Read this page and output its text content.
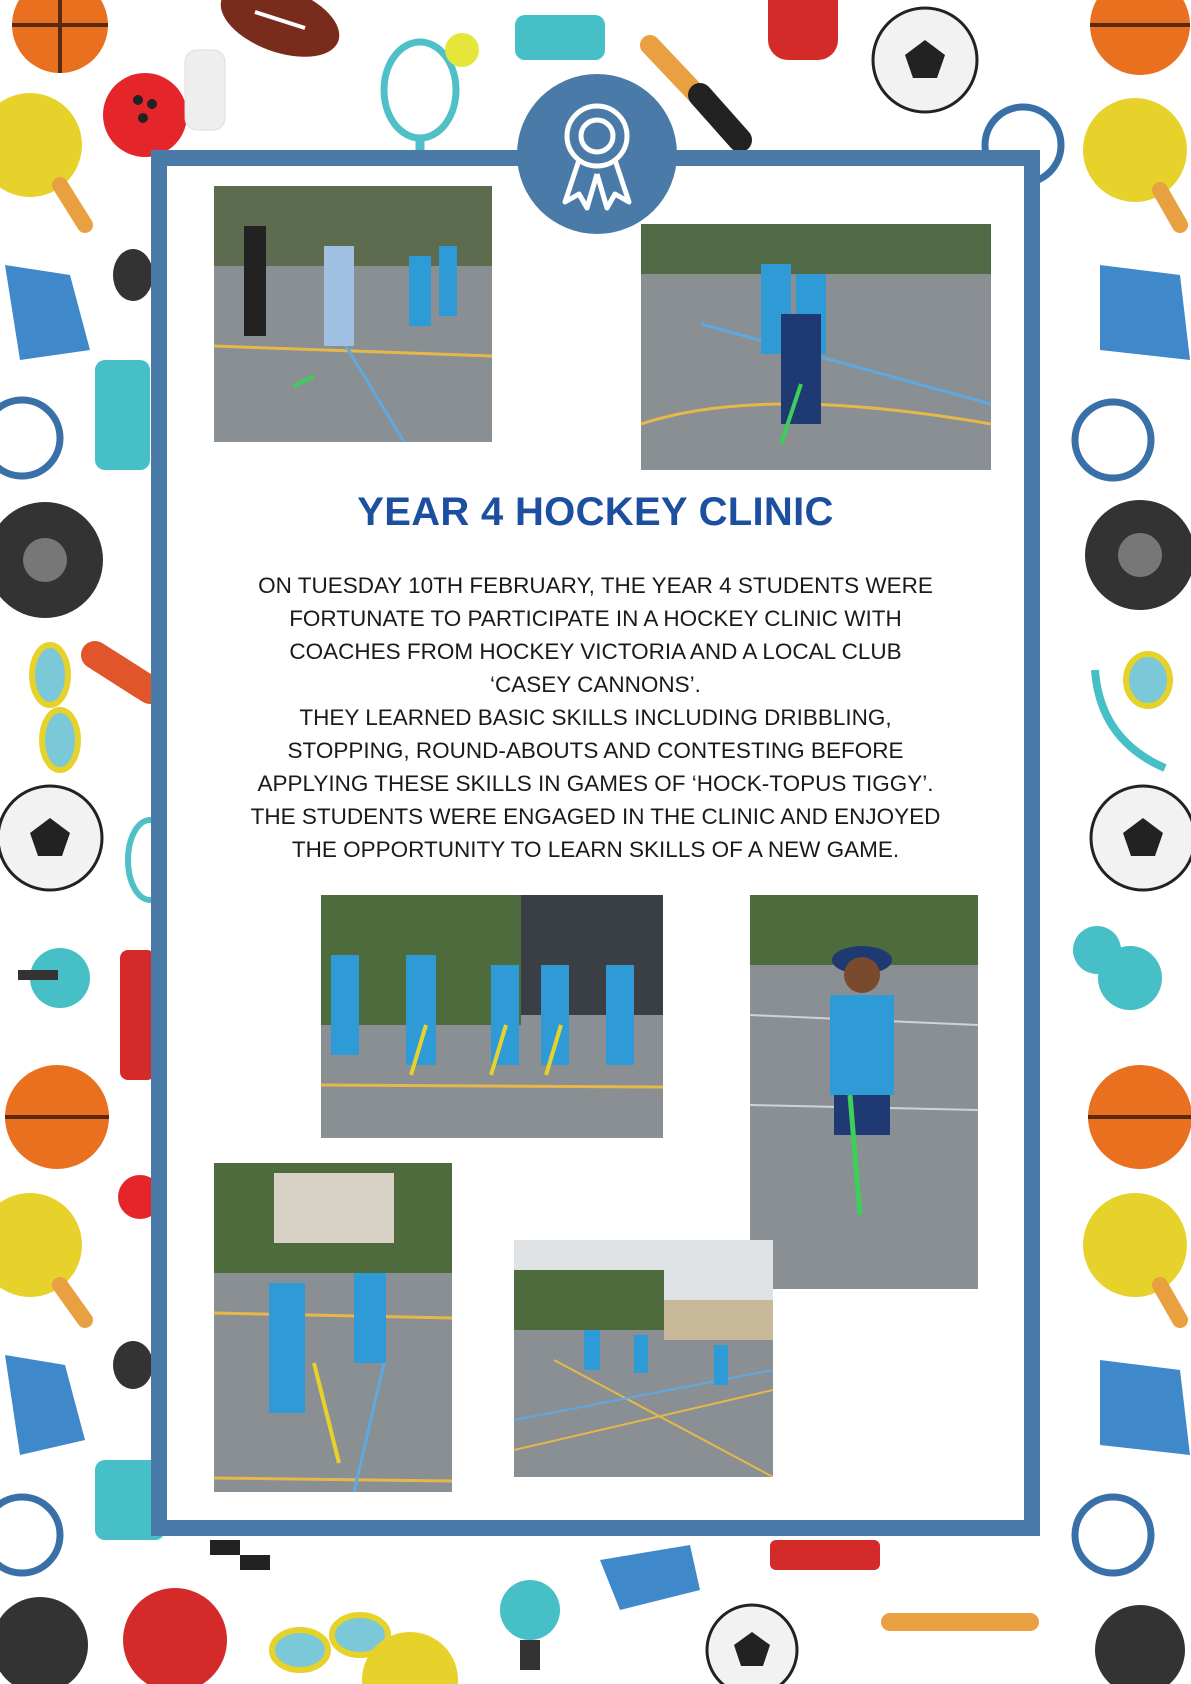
YEAR 4 HOCKEY CLINIC
ON TUESDAY 10TH FEBRUARY, THE YEAR 4 STUDENTS WERE
FORTUNATE TO PARTICIPATE IN A HOCKEY CLINIC WITH
COACHES FROM HOCKEY VICTORIA AND A LOCAL CLUB
‘CASEY CANNONS’.
THEY LEARNED BASIC SKILLS INCLUDING DRIBBLING,
STOPPING, ROUND-ABOUTS AND CONTESTING BEFORE
APPLYING THESE SKILLS IN GAMES OF ‘HOCK-TOPUS TIGGY’.
THE STUDENTS WERE ENGAGED IN THE CLINIC AND ENJOYED
THE OPPORTUNITY TO LEARN SKILLS OF A NEW GAME.
